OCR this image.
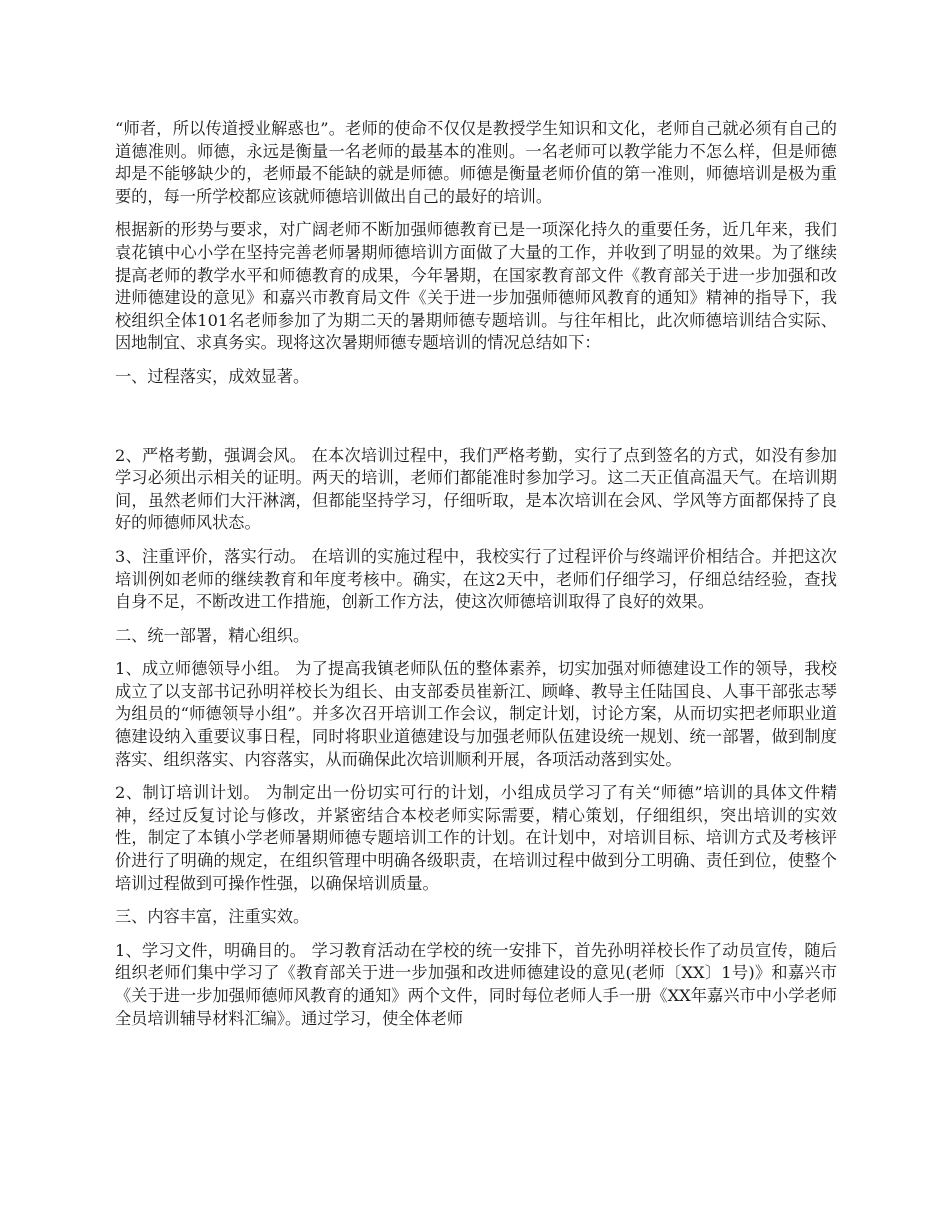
“师者，所以传道授业解惑也”。老师的使命不仅仅是教授学生知识和文化，老师自己就必须有自己的道德准则。师德，永远是衡量一名老师的最基本的准则。一名老师可以教学能力不怎么样，但是师德却是不能够缺少的，老师最不能缺的就是师德。师德是衡量老师价值的第一准则，师德培训是极为重要的，每一所学校都应该就师德培训做出自己的最好的培训。

根据新的形势与要求，对广阔老师不断加强师德教育已是一项深化持久的重要任务，近几年来，我们袁花镇中心小学在坚持完善老师暑期师德培训方面做了大量的工作，并收到了明显的效果。为了继续提高老师的教学水平和师德教育的成果，今年暑期，在国家教育部文件《教育部关于进一步加强和改进师德建设的意见》和嘉兴市教育局文件《关于进一步加强师德师风教育的通知》精神的指导下，我校组织全体101名老师参加了为期二天的暑期师德专题培训。与往年相比，此次师德培训结合实际、因地制宜、求真务实。现将这次暑期师德专题培训的情况总结如下：

一、过程落实，成效显著。

2、严格考勤，强调会风。 在本次培训过程中，我们严格考勤，实行了点到签名的方式，如没有参加学习必须出示相关的证明。两天的培训，老师们都能准时参加学习。这二天正值高温天气。在培训期间，虽然老师们大汗淋漓，但都能坚持学习，仔细听取，是本次培训在会风、学风等方面都保持了良好的师德师风状态。

3、注重评价，落实行动。 在培训的实施过程中，我校实行了过程评价与终端评价相结合。并把这次培训例如老师的继续教育和年度考核中。确实，在这2天中，老师们仔细学习，仔细总结经验，查找自身不足，不断改进工作措施，创新工作方法，使这次师德培训取得了良好的效果。

二、统一部署，精心组织。

1、成立师德领导小组。 为了提高我镇老师队伍的整体素养，切实加强对师德建设工作的领导，我校成立了以支部书记孙明祥校长为组长、由支部委员崔新江、顾峰、教导主任陆国良、人事干部张志琴为组员的“师德领导小组”。并多次召开培训工作会议，制定计划，讨论方案，从而切实把老师职业道德建设纳入重要议事日程，同时将职业道德建设与加强老师队伍建设统一规划、统一部署，做到制度落实、组织落实、内容落实，从而确保此次培训顺利开展，各项活动落到实处。

2、制订培训计划。 为制定出一份切实可行的计划，小组成员学习了有关“师德”培训的具体文件精神，经过反复讨论与修改，并紧密结合本校老师实际需要，精心策划，仔细组织，突出培训的实效性，制定了本镇小学老师暑期师德专题培训工作的计划。在计划中，对培训目标、培训方式及考核评价进行了明确的规定，在组织管理中明确各级职责，在培训过程中做到分工明确、责任到位，使整个培训过程做到可操作性强，以确保培训质量。

三、内容丰富，注重实效。

1、学习文件，明确目的。 学习教育活动在学校的统一安排下，首先孙明祥校长作了动员宣传，随后组织老师们集中学习了《教育部关于进一步加强和改进师德建设的意见(老师〔XX〕1号)》和嘉兴市《关于进一步加强师德师风教育的通知》两个文件，同时每位老师人手一册《XX年嘉兴市中小学老师全员培训辅导材料汇编》。通过学习，使全体老师
